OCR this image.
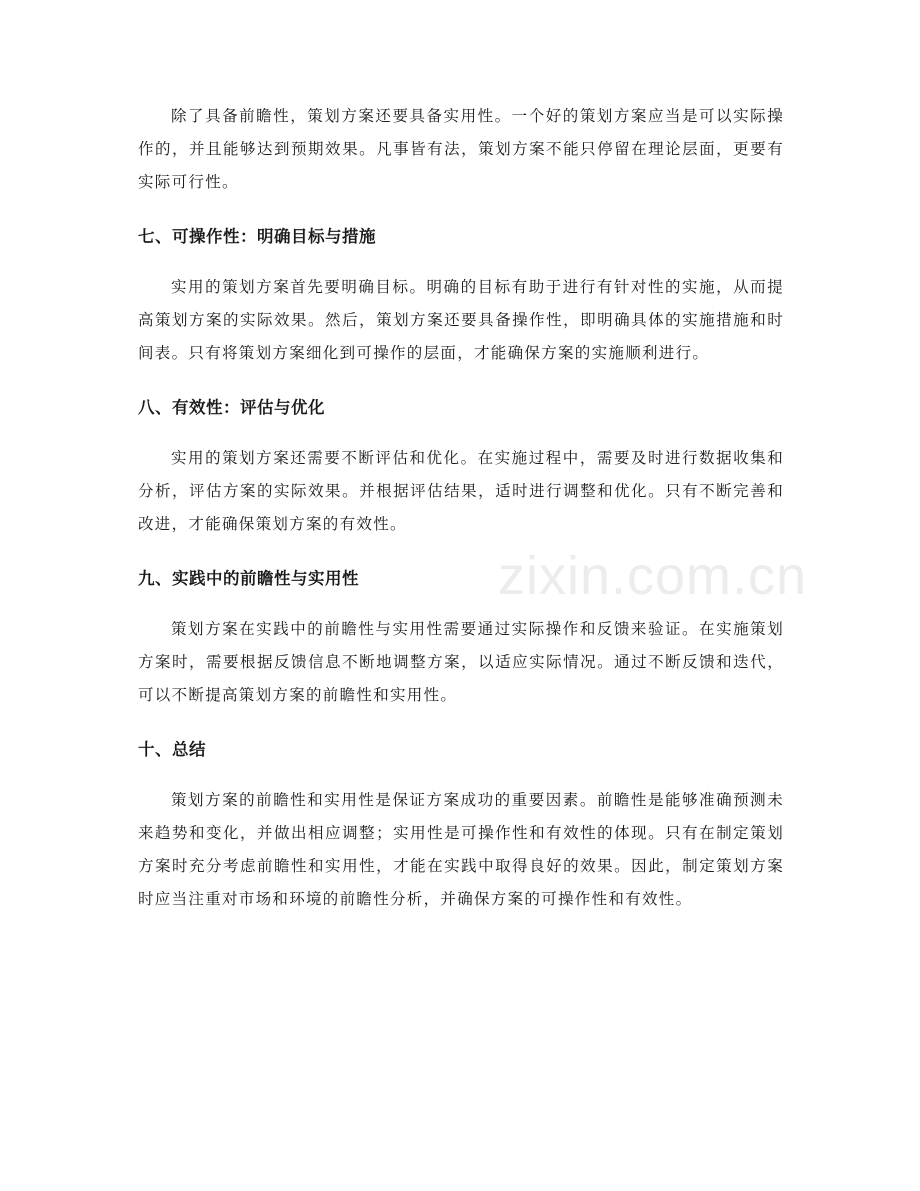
除了具备前瞻性，策划方案还要具备实用性。一个好的策划方案应当是可以实际操作的，并且能够达到预期效果。凡事皆有法，策划方案不能只停留在理论层面，更要有实际可行性。

七、可操作性：明确目标与措施

实用的策划方案首先要明确目标。明确的目标有助于进行有针对性的实施，从而提高策划方案的实际效果。然后，策划方案还要具备操作性，即明确具体的实施措施和时间表。只有将策划方案细化到可操作的层面，才能确保方案的实施顺利进行。

八、有效性：评估与优化

实用的策划方案还需要不断评估和优化。在实施过程中，需要及时进行数据收集和分析，评估方案的实际效果。并根据评估结果，适时进行调整和优化。只有不断完善和改进，才能确保策划方案的有效性。

九、实践中的前瞻性与实用性

策划方案在实践中的前瞻性与实用性需要通过实际操作和反馈来验证。在实施策划方案时，需要根据反馈信息不断地调整方案，以适应实际情况。通过不断反馈和迭代，可以不断提高策划方案的前瞻性和实用性。

十、总结

策划方案的前瞻性和实用性是保证方案成功的重要因素。前瞻性是能够准确预测未来趋势和变化，并做出相应调整；实用性是可操作性和有效性的体现。只有在制定策划方案时充分考虑前瞻性和实用性，才能在实践中取得良好的效果。因此，制定策划方案时应当注重对市场和环境的前瞻性分析，并确保方案的可操作性和有效性。

zixin.com.cn
